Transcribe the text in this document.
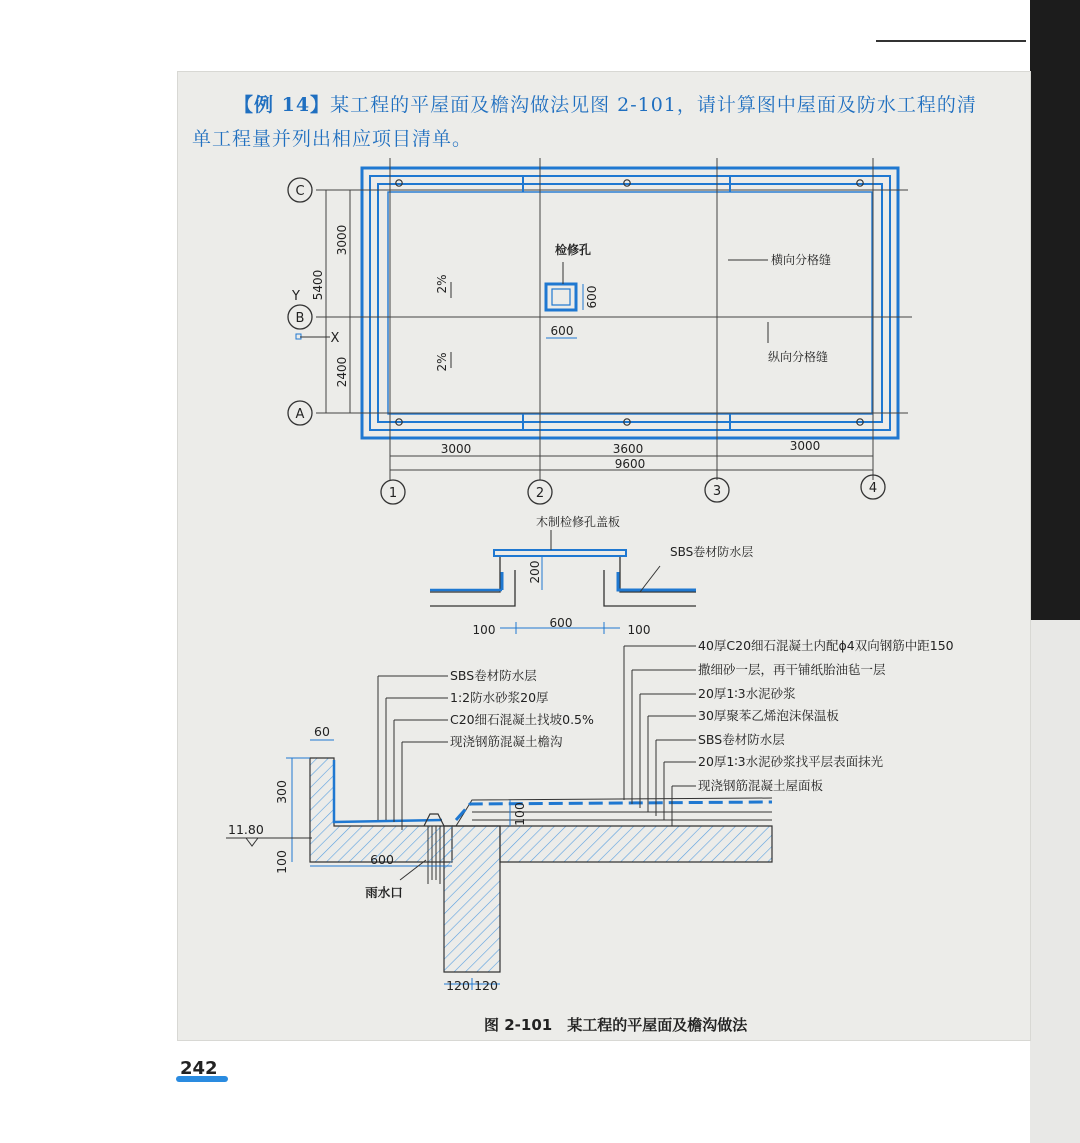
【例 14】某工程的平屋面及檐沟做法见图 2-101，请计算图中屋面及防水工程的清
单工程量并列出相应项目清单。
C
B
A
1	2	3	4
3000
5400
2400
3000	3600	3000
9600
2%
2%
检修孔
600
600
横向分格缝
纵向分格缝
Y
X
木制检修孔盖板
SBS卷材防水层
200
100	600	100
SBS卷材防水层
1:2防水砂浆20厚
C20细石混凝土找坡0.5%
现浇钢筋混凝土檐沟
40厚C20细石混凝土内配ϕ4双向钢筋中距150
撒细砂一层，再干铺纸胎油毡一层
20厚1∶3水泥砂浆
30厚聚苯乙烯泡沫保温板
SBS卷材防水层
20厚1∶3水泥砂浆找平层表面抹光
现浇钢筋混凝土屋面板
60
300
100
100
600
120 120
11.80
雨水口
图 2-101　某工程的平屋面及檐沟做法
242
